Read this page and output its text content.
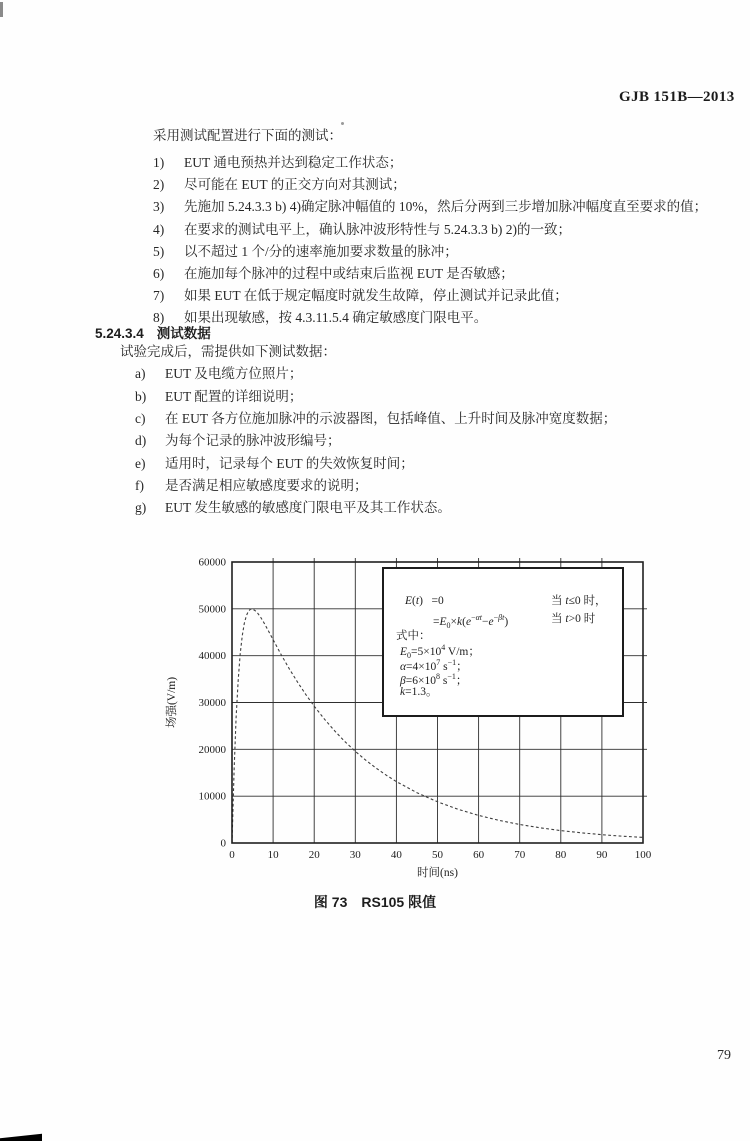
GJB 151B—2013
采用测试配置进行下面的测试：
1) EUT 通电预热并达到稳定工作状态；
2) 尽可能在 EUT 的正交方向对其测试；
3) 先施加 5.24.3.3 b) 4)确定脉冲幅值的 10%，然后分两到三步增加脉冲幅度直至要求的值；
4) 在要求的测试电平上，确认脉冲波形特性与 5.24.3.3 b) 2)的一致；
5) 以不超过 1 个/分的速率施加要求数量的脉冲；
6) 在施加每个脉冲的过程中或结束后监视 EUT 是否敏感；
7) 如果 EUT 在低于规定幅度时就发生故障，停止测试并记录此值；
8) 如果出现敏感，按 4.3.11.5.4 确定敏感度门限电平。
5.24.3.4 测试数据
试验完成后，需提供如下测试数据：
a) EUT 及电缆方位照片；
b) EUT 配置的详细说明；
c) 在 EUT 各方位施加脉冲的示波器图，包括峰值、上升时间及脉冲宽度数据；
d) 为每个记录的脉冲波形编号；
e) 适用时，记录每个 EUT 的失效恢复时间；
f) 是否满足相应敏感度要求的说明；
g) EUT 发生敏感的敏感度门限电平及其工作状态。
0	10	20	30	40	50	60	70	80	90 100
0
10000
20000
30000
40000
50000
60000
时间(ns)
场强(V/m)
E(t)   =0	当 t≤0 时，
$=E_0\times k(e^{-\alpha t}-e^{-\beta t})$	当 t>0 时
式中：
$E_0=5\times 10^4$ V/m；
$\alpha=4\times 10^7$ $s^{-1}$；
$\beta=6\times 10^8$ $s^{-1}$；
k=1.3。
图 73　RS105 限值
79
